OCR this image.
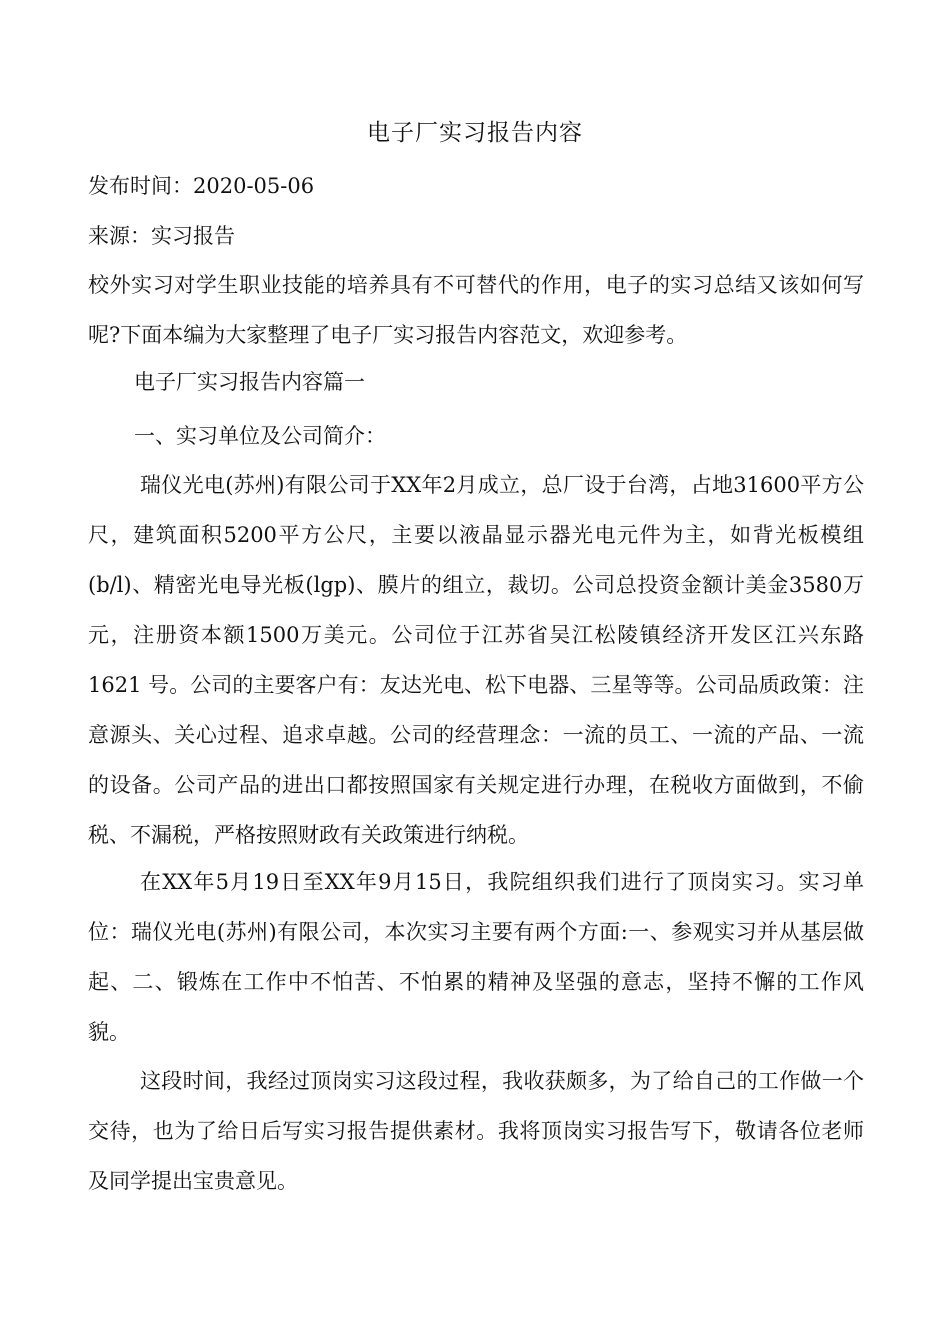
电子厂实习报告内容
发布时间：2020-05-06
来源：实习报告
校外实习对学生职业技能的培养具有不可替代的作用，电子的实习总结又该如何写呢?下面本编为大家整理了电子厂实习报告内容范文，欢迎参考。
电子厂实习报告内容篇一
一、实习单位及公司简介：
瑞仪光电(苏州)有限公司于XX年2月成立，总厂设于台湾，占地31600平方公尺，建筑面积5200平方公尺，主要以液晶显示器光电元件为主，如背光板模组(b/l)、精密光电导光板(lgp)、膜片的组立，裁切。公司总投资金额计美金3580万元，注册资本额1500万美元。公司位于江苏省吴江松陵镇经济开发区江兴东路 1621 号。公司的主要客户有：友达光电、松下电器、三星等等。公司品质政策：注意源头、关心过程、追求卓越。公司的经营理念：一流的员工、一流的产品、一流的设备。公司产品的进出口都按照国家有关规定进行办理，在税收方面做到，不偷税、不漏税，严格按照财政有关政策进行纳税。
在XX年5月19日至XX年9月15日，我院组织我们进行了顶岗实习。实习单位：瑞仪光电(苏州)有限公司，本次实习主要有两个方面:一、参观实习并从基层做起、二、锻炼在工作中不怕苦、不怕累的精神及坚强的意志，坚持不懈的工作风貌。
这段时间，我经过顶岗实习这段过程，我收获颇多，为了给自己的工作做一个交待，也为了给日后写实习报告提供素材。我将顶岗实习报告写下，敬请各位老师及同学提出宝贵意见。
